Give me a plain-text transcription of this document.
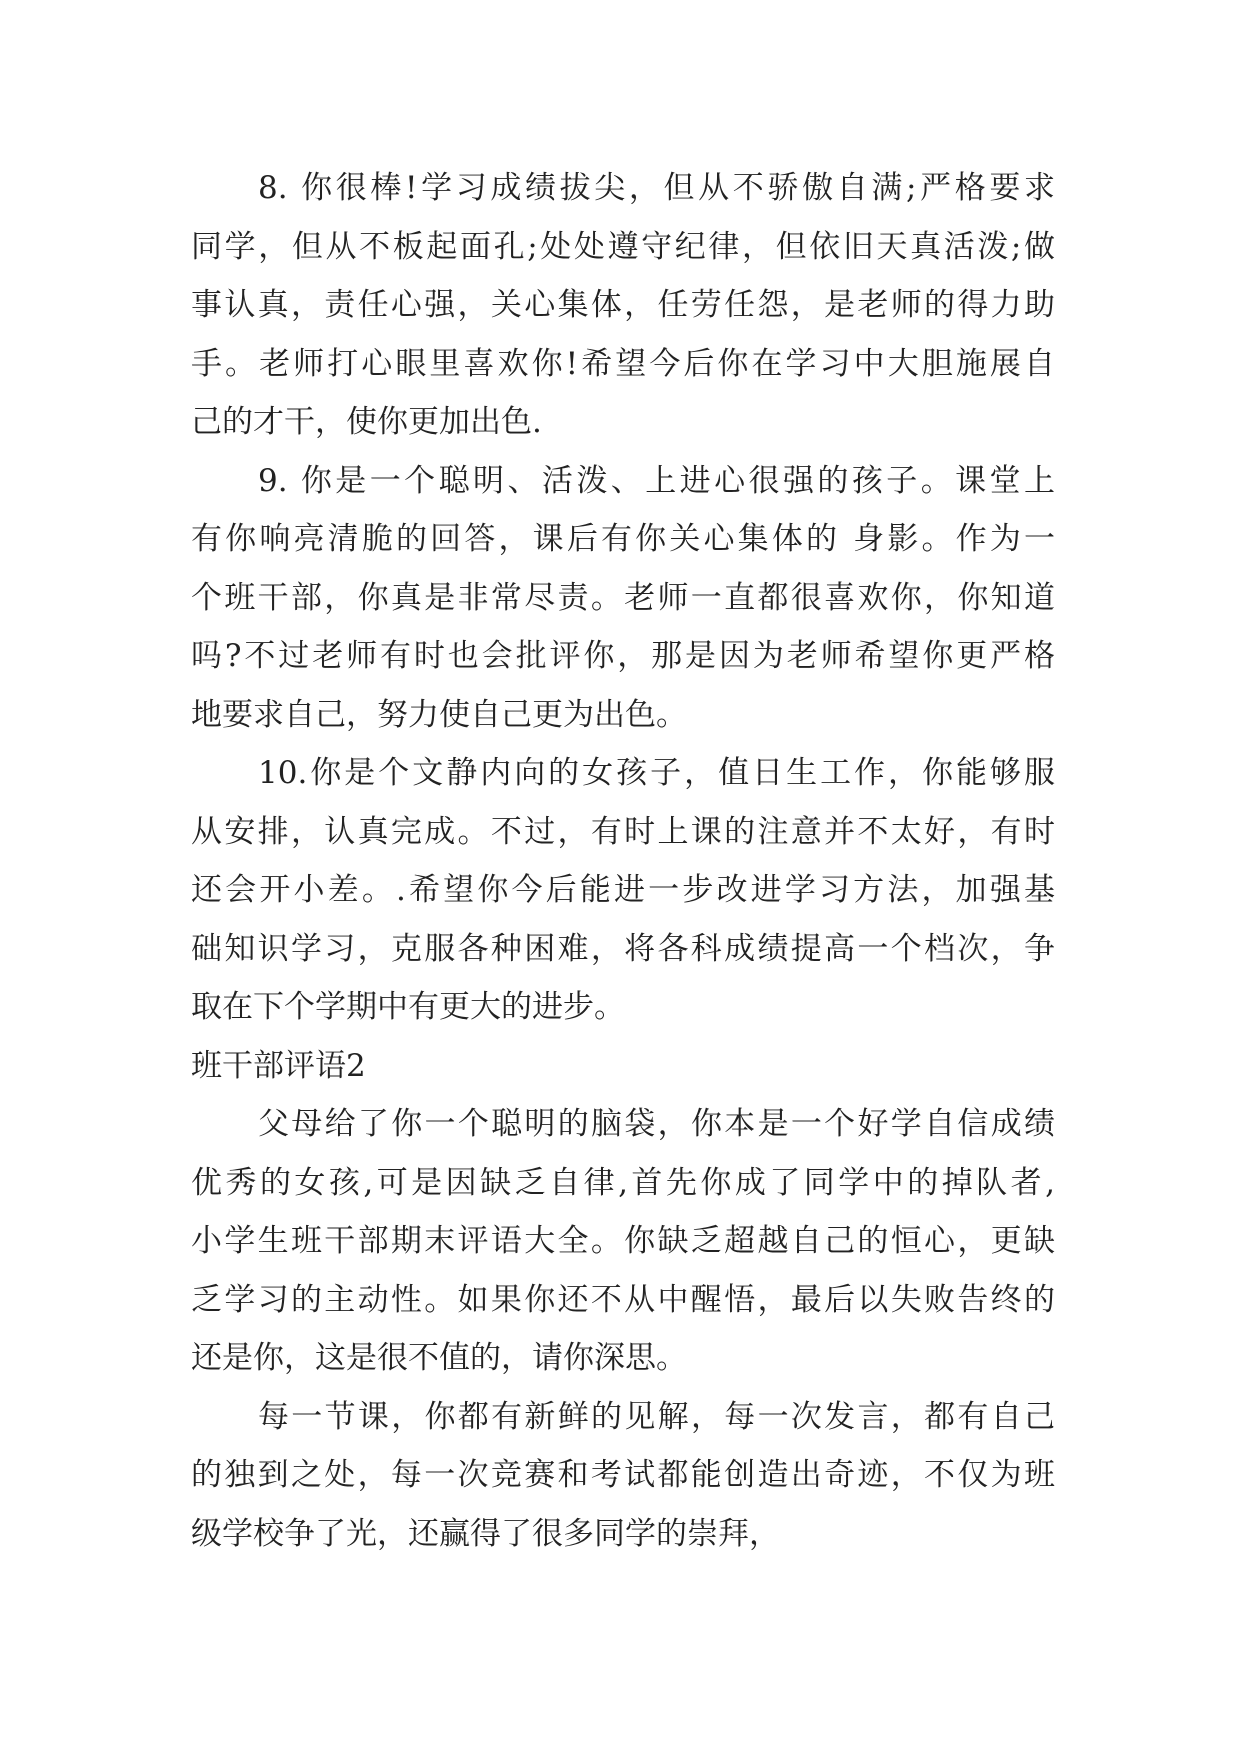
8. 你很棒!学习成绩拔尖，但从不骄傲自满;严格要求
同学，但从不板起面孔;处处遵守纪律，但依旧天真活泼;做
事认真，责任心强，关心集体，任劳任怨，是老师的得力助
手。老师打心眼里喜欢你!希望今后你在学习中大胆施展自
己的才干，使你更加出色.
9. 你是一个聪明、活泼、上进心很强的孩子。课堂上
有你响亮清脆的回答，课后有你关心集体的 身影。作为一
个班干部，你真是非常尽责。老师一直都很喜欢你，你知道
吗?不过老师有时也会批评你，那是因为老师希望你更严格
地要求自己，努力使自己更为出色。
10.你是个文静内向的女孩子，值日生工作，你能够服
从安排，认真完成。不过，有时上课的注意并不太好，有时
还会开小差。.希望你今后能进一步改进学习方法，加强基
础知识学习，克服各种困难，将各科成绩提高一个档次，争
取在下个学期中有更大的进步。
班干部评语2
父母给了你一个聪明的脑袋，你本是一个好学自信成绩
优秀的女孩,可是因缺乏自律,首先你成了同学中的掉队者,
小学生班干部期末评语大全。你缺乏超越自己的恒心，更缺
乏学习的主动性。如果你还不从中醒悟，最后以失败告终的
还是你，这是很不值的，请你深思。
每一节课，你都有新鲜的见解，每一次发言，都有自己
的独到之处，每一次竞赛和考试都能创造出奇迹，不仅为班
级学校争了光，还赢得了很多同学的崇拜，
